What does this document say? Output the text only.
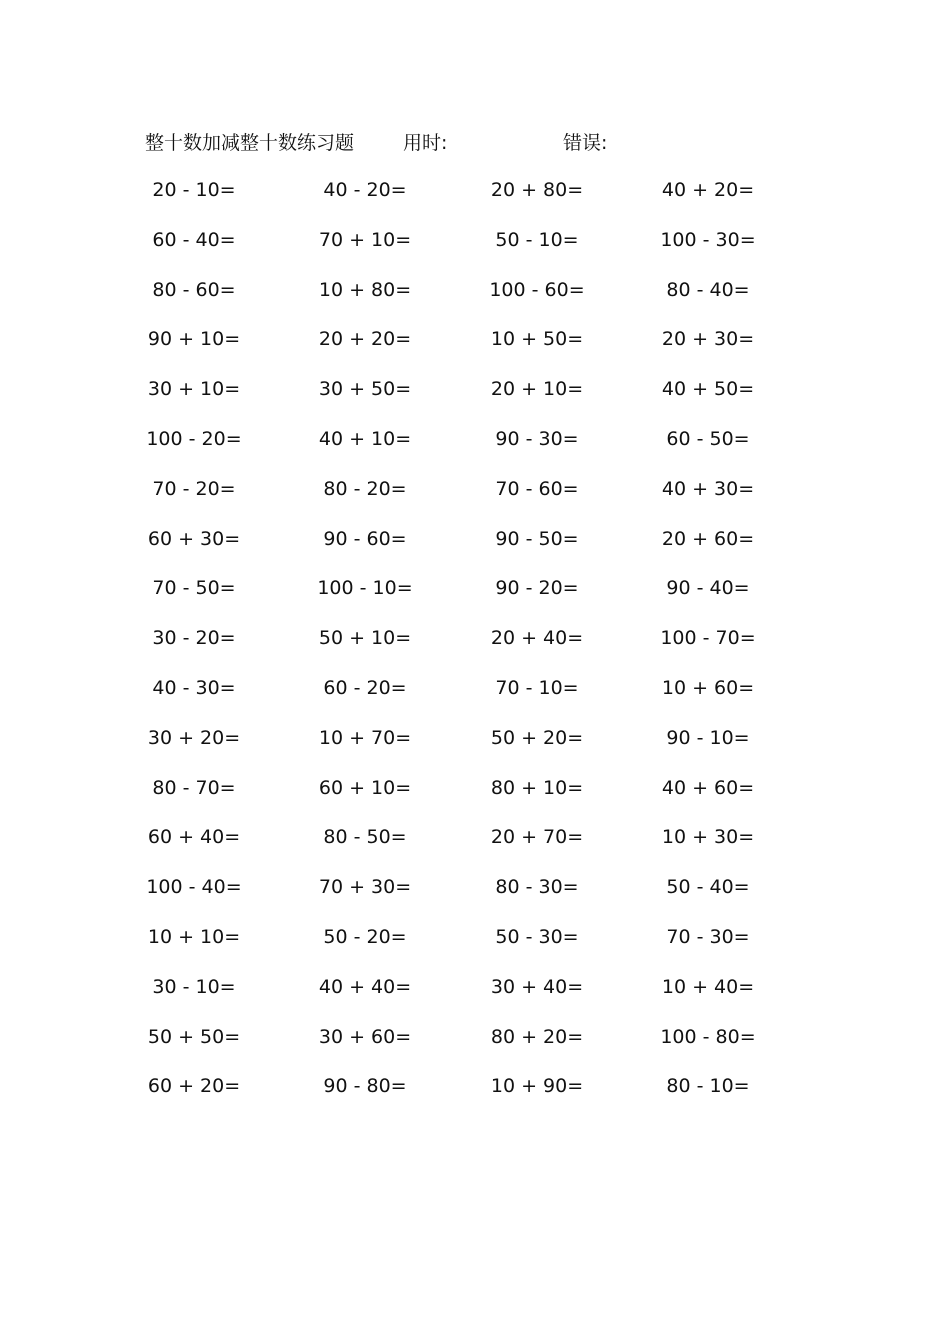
整十数加减整十数练习题	用时:	错误:
20 - 10=	40 - 20=	20 + 80=	40 + 20=
60 - 40=	70 + 10=	50 - 10=	100 - 30=
80 - 60=	10 + 80=	100 - 60=	80 - 40=
90 + 10=	20 + 20=	10 + 50=	20 + 30=
30 + 10=	30 + 50=	20 + 10=	40 + 50=
100 - 20=	40 + 10=	90 - 30=	60 - 50=
70 - 20=	80 - 20=	70 - 60=	40 + 30=
60 + 30=	90 - 60=	90 - 50=	20 + 60=
70 - 50=	100 - 10=	90 - 20=	90 - 40=
30 - 20=	50 + 10=	20 + 40=	100 - 70=
40 - 30=	60 - 20=	70 - 10=	10 + 60=
30 + 20=	10 + 70=	50 + 20=	90 - 10=
80 - 70=	60 + 10=	80 + 10=	40 + 60=
60 + 40=	80 - 50=	20 + 70=	10 + 30=
100 - 40=	70 + 30=	80 - 30=	50 - 40=
10 + 10=	50 - 20=	50 - 30=	70 - 30=
30 - 10=	40 + 40=	30 + 40=	10 + 40=
50 + 50=	30 + 60=	80 + 20=	100 - 80=
60 + 20=	90 - 80=	10 + 90=	80 - 10=
